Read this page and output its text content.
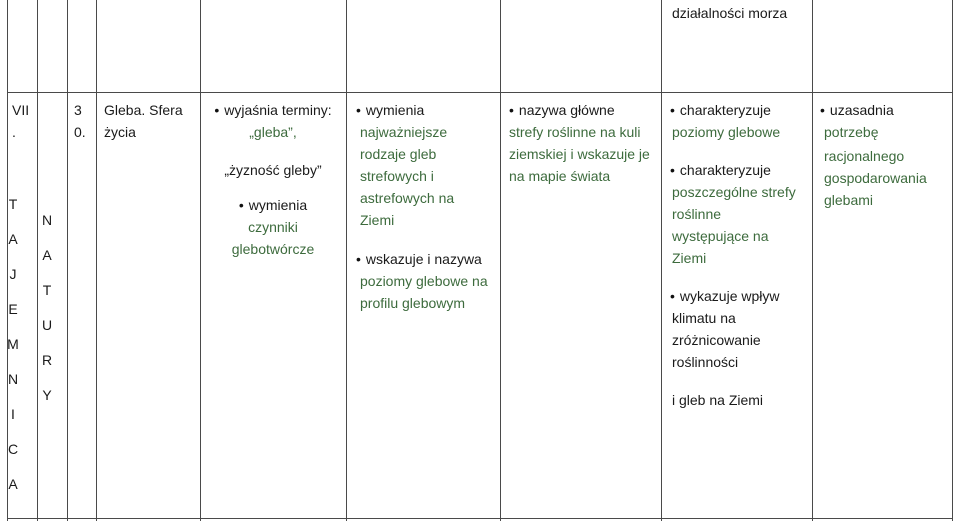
działalności morza
VII
.
T
A
J
E
M
N
I
C
A
N
A
T
U
R
Y
3
0.
Gleba. Sfera
życia
• wyjaśnia terminy:
„gleba”,
„żyzność gleby”
• wymienia
czynniki
glebotwórcze
• wymienia
najważniejsze
rodzaje gleb
strefowych i
astrefowych na
Ziemi
• wskazuje i nazywa
poziomy glebowe na
profilu glebowym
• nazywa główne
strefy roślinne na kuli
ziemskiej i wskazuje je
na mapie świata
• charakteryzuje
poziomy glebowe
• charakteryzuje
poszczególne strefy
roślinne
występujące na
Ziemi
• wykazuje wpływ
klimatu na
zróżnicowanie
roślinności
i gleb na Ziemi
• uzasadnia
potrzebę
racjonalnego
gospodarowania
glebami
